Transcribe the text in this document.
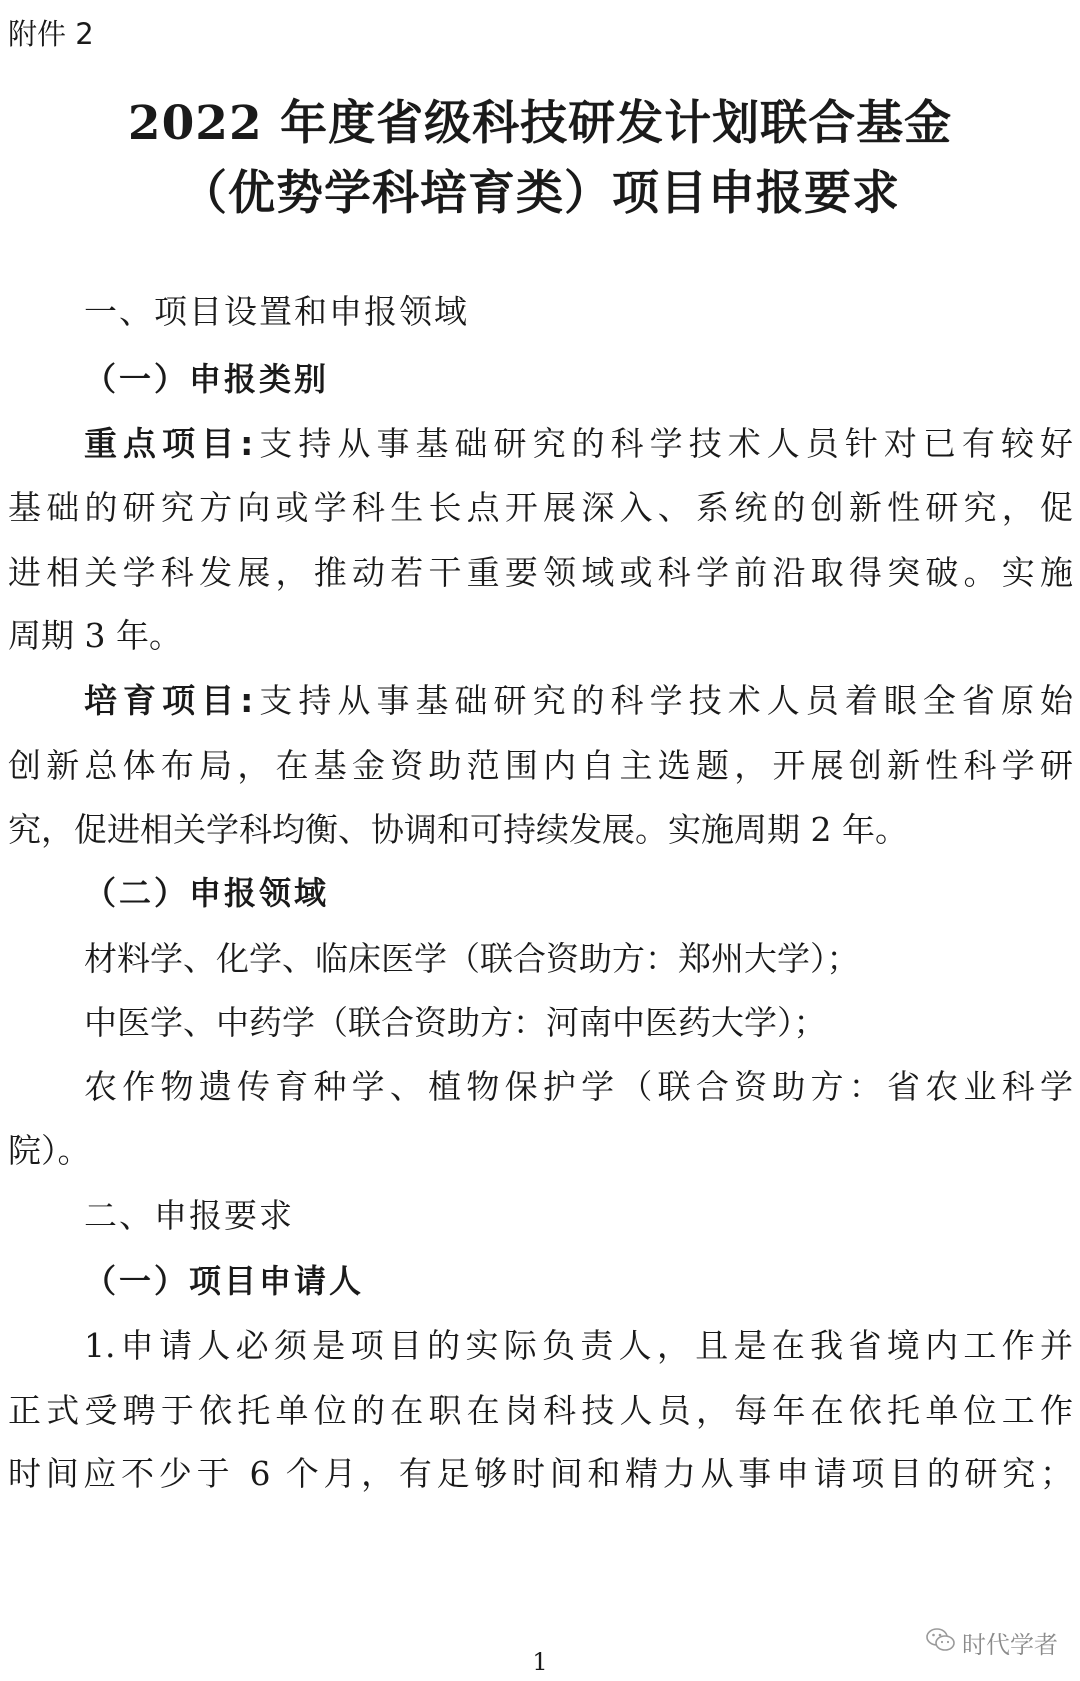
附件 2
2022 年度省级科技研发计划联合基金
（优势学科培育类）项目申报要求
一、项目设置和申报领域
（一）申报类别
重点项目:支持从事基础研究的科学技术人员针对已有较好
基础的研究方向或学科生长点开展深入、系统的创新性研究，促
进相关学科发展，推动若干重要领域或科学前沿取得突破。实施
周期 3 年。
培育项目:支持从事基础研究的科学技术人员着眼全省原始
创新总体布局，在基金资助范围内自主选题，开展创新性科学研
究，促进相关学科均衡、协调和可持续发展。实施周期 2 年。
（二）申报领域
材料学、化学、临床医学（联合资助方：郑州大学）；
中医学、中药学（联合资助方：河南中医药大学）；
农作物遗传育种学、植物保护学（联合资助方：省农业科学
院）。
二、申报要求
（一）项目申请人
1.申请人必须是项目的实际负责人，且是在我省境内工作并
正式受聘于依托单位的在职在岗科技人员，每年在依托单位工作
时间应不少于 6 个月，有足够时间和精力从事申请项目的研究；
时代学者
1
